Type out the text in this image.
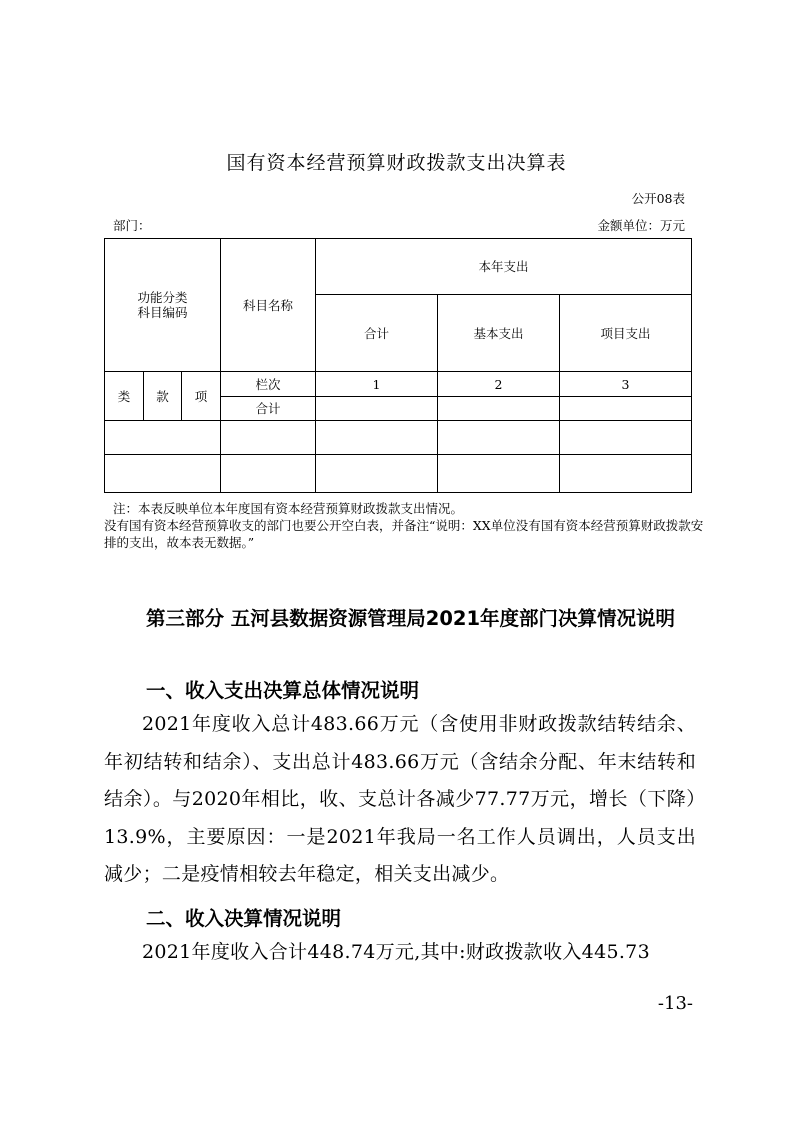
国有资本经营预算财政拨款支出决算表
公开08表
部门：	金额单位：万元
功能分类
科目编码			科目名称	本年支出		
				合计	基本支出	项目支出
类	款	项	栏次	1	2	3
			合计			

注：本表反映单位本年度国有资本经营预算财政拨款支出情况。
没有国有资本经营预算收支的部门也要公开空白表，并备注“说明：XX单位没有国有资本经营预算财政拨款安排的支出，故本表无数据。”
第三部分 五河县数据资源管理局2021年度部门决算情况说明
一、收入支出决算总体情况说明

2021年度收入总计483.66万元（含使用非财政拨款结转结余、年初结转和结余）、支出总计483.66万元（含结余分配、年末结转和结余）。与2020年相比，收、支总计各减少77.77万元，增长（下降）13.9%，主要原因：一是2021年我局一名工作人员调出，人员支出减少；二是疫情相较去年稳定，相关支出减少。

二、收入决算情况说明

2021年度收入合计448.74万元,其中:财政拨款收入445.73

-13-
